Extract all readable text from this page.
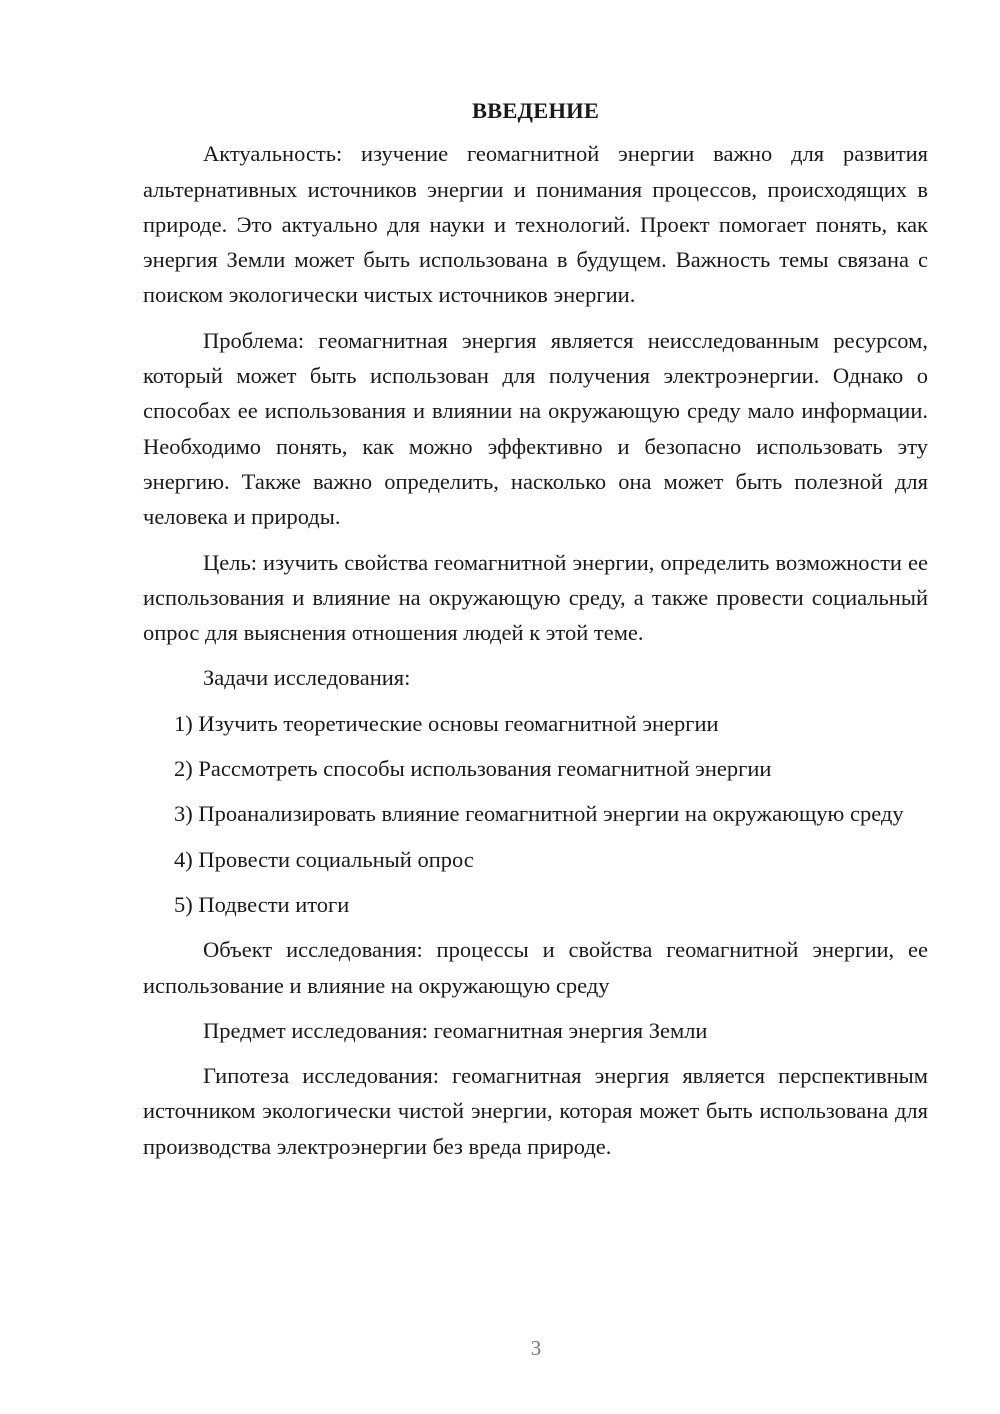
ВВЕДЕНИЕ

Актуальность: изучение геомагнитной энергии важно для развития альтернативных источников энергии и понимания процессов, происходящих в природе. Это актуально для науки и технологий. Проект помогает понять, как энергия Земли может быть использована в будущем. Важность темы связана с поиском экологически чистых источников энергии.

Проблема: геомагнитная энергия является неисследованным ресурсом, который может быть использован для получения электроэнергии. Однако о способах ее использования и влиянии на окружающую среду мало информации. Необходимо понять, как можно эффективно и безопасно использовать эту энергию. Также важно определить, насколько она может быть полезной для человека и природы.

Цель: изучить свойства геомагнитной энергии, определить возможности ее использования и влияние на окружающую среду, а также провести социальный опрос для выяснения отношения людей к этой теме.

Задачи исследования:

1) Изучить теоретические основы геомагнитной энергии

2) Рассмотреть способы использования геомагнитной энергии

3) Проанализировать влияние геомагнитной энергии на окружающую среду

4) Провести социальный опрос

5) Подвести итоги

Объект исследования: процессы и свойства геомагнитной энергии, ее использование и влияние на окружающую среду

Предмет исследования: геомагнитная энергия Земли

Гипотеза исследования: геомагнитная энергия является перспективным источником экологически чистой энергии, которая может быть использована для производства электроэнергии без вреда природе.

3
